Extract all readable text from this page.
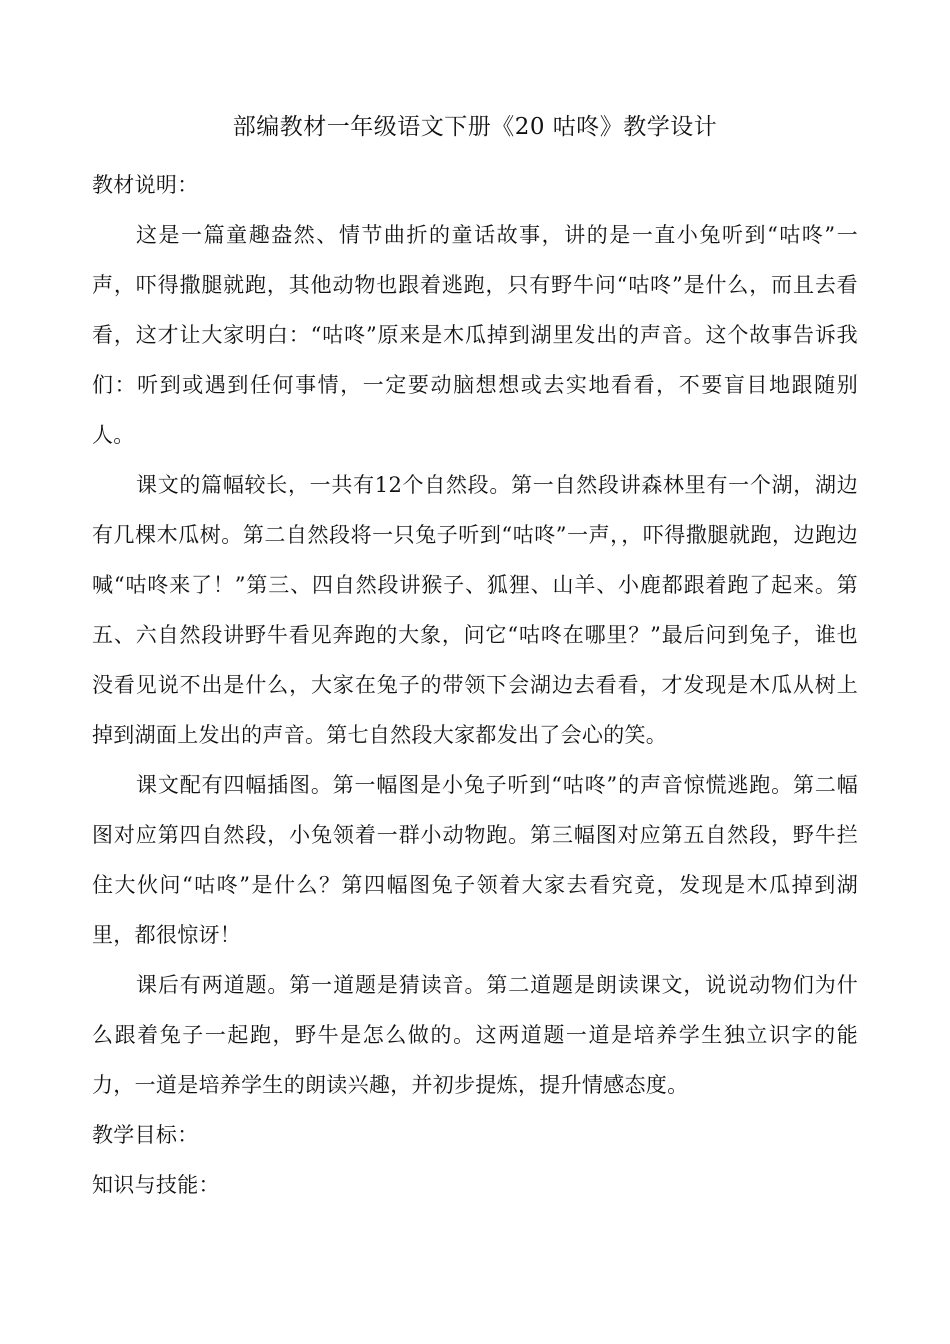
部编教材一年级语文下册《20 咕咚》教学设计

教材说明：

这是一篇童趣盎然、情节曲折的童话故事，讲的是一直小兔听到“咕咚”一声，吓得撒腿就跑，其他动物也跟着逃跑，只有野牛问“咕咚”是什么，而且去看看，这才让大家明白：“咕咚”原来是木瓜掉到湖里发出的声音。这个故事告诉我们：听到或遇到任何事情，一定要动脑想想或去实地看看，不要盲目地跟随别人。

课文的篇幅较长，一共有12个自然段。第一自然段讲森林里有一个湖，湖边有几棵木瓜树。第二自然段将一只兔子听到“咕咚”一声，，吓得撒腿就跑，边跑边喊“咕咚来了！”第三、四自然段讲猴子、狐狸、山羊、小鹿都跟着跑了起来。第五、六自然段讲野牛看见奔跑的大象，问它“咕咚在哪里？”最后问到兔子，谁也没看见说不出是什么，大家在兔子的带领下会湖边去看看，才发现是木瓜从树上掉到湖面上发出的声音。第七自然段大家都发出了会心的笑。

课文配有四幅插图。第一幅图是小兔子听到“咕咚”的声音惊慌逃跑。第二幅图对应第四自然段，小兔领着一群小动物跑。第三幅图对应第五自然段，野牛拦住大伙问“咕咚”是什么？第四幅图兔子领着大家去看究竟，发现是木瓜掉到湖里，都很惊讶！

课后有两道题。第一道题是猜读音。第二道题是朗读课文，说说动物们为什么跟着兔子一起跑，野牛是怎么做的。这两道题一道是培养学生独立识字的能力，一道是培养学生的朗读兴趣，并初步提炼，提升情感态度。

教学目标：

知识与技能：
